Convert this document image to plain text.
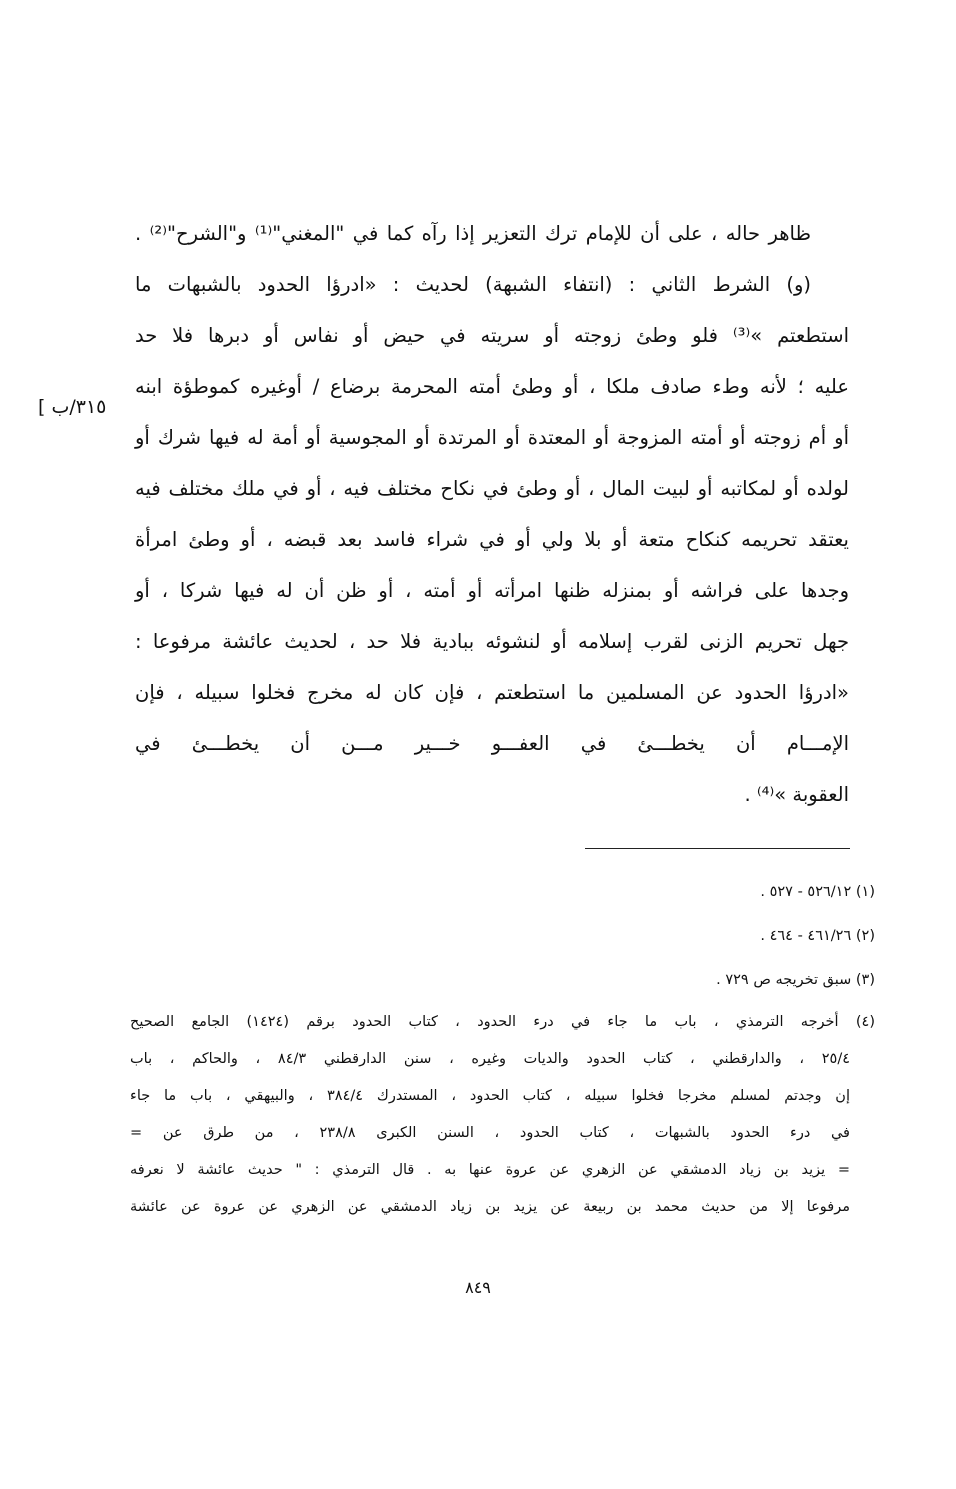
ظاهر حاله ، على أن للإمام ترك التعزير إذا رآه كما في "المغني"⁽¹⁾ و"الشرح"⁽²⁾ .
(و) الشرط الثاني : (انتفاء الشبهة) لحديث : «ادرؤا الحدود بالشبهات ما
استطعتم »⁽³⁾ فلو وطئ زوجته أو سريته في حيض أو نفاس أو دبرها فلا حد
عليه ؛ لأنه وطء صادف ملكا ، أو وطئ أمته المحرمة برضاع / أوغيره كموطؤة ابنه
أو أم زوجته أو أمته المزوجة أو المعتدة أو المرتدة أو المجوسية أو أمة له فيها شرك أو
لولده أو لمكاتبه أو لبيت المال ، أو وطئ في نكاح مختلف فيه ، أو في ملك مختلف فيه
يعتقد تحريمه كنكاح متعة أو بلا ولي أو في شراء فاسد بعد قبضه ، أو وطئ امرأة
وجدها على فراشه أو بمنزله ظنها امرأته أو أمته ، أو ظن أن له فيها شركا ، أو
جهل تحريم الزنى لقرب إسلامه أو لنشوئه ببادية فلا حد ، لحديث عائشة مرفوعا :
«ادرؤا الحدود عن المسلمين ما استطعتم ، فإن كان له مخرج فخلوا سبيله ، فإن
الإمـــام أن يخطـــئ في العفـــو خـــير مـــن أن يخطـــئ في
العقوبة »⁽⁴⁾ .
[ ٣١٥/ب
(١) ٥٢٦/١٢ - ٥٢٧ .
(٢) ٤٦١/٢٦ - ٤٦٤ .
(٣) سبق تخريجه ص ٧٢٩ .
(٤) أخرجه الترمذي ، باب ما جاء في درء الحدود ، كتاب الحدود برقم (١٤٢٤) الجامع الصحيح
٢٥/٤ ، والدارقطني ، كتاب الحدود والديات وغيره ، سنن الدارقطني ٨٤/٣ ، والحاكم ، باب
إن وجدتم لمسلم مخرجا فخلوا سبيله ، كتاب الحدود ، المستدرك ٣٨٤/٤ ، والبيهقي ، باب ما جاء
في درء الحدود بالشبهات ، كتاب الحدود ، السنن الكبرى ٢٣٨/٨ ، من طرق عن =
= يزيد بن زياد الدمشقي عن الزهري عن عروة عنها به . قال الترمذي : " حديث عائشة لا نعرفه
مرفوعا إلا من حديث محمد بن ربيعة عن يزيد بن زياد الدمشقي عن الزهري عن عروة عن عائشة
٨٤٩
